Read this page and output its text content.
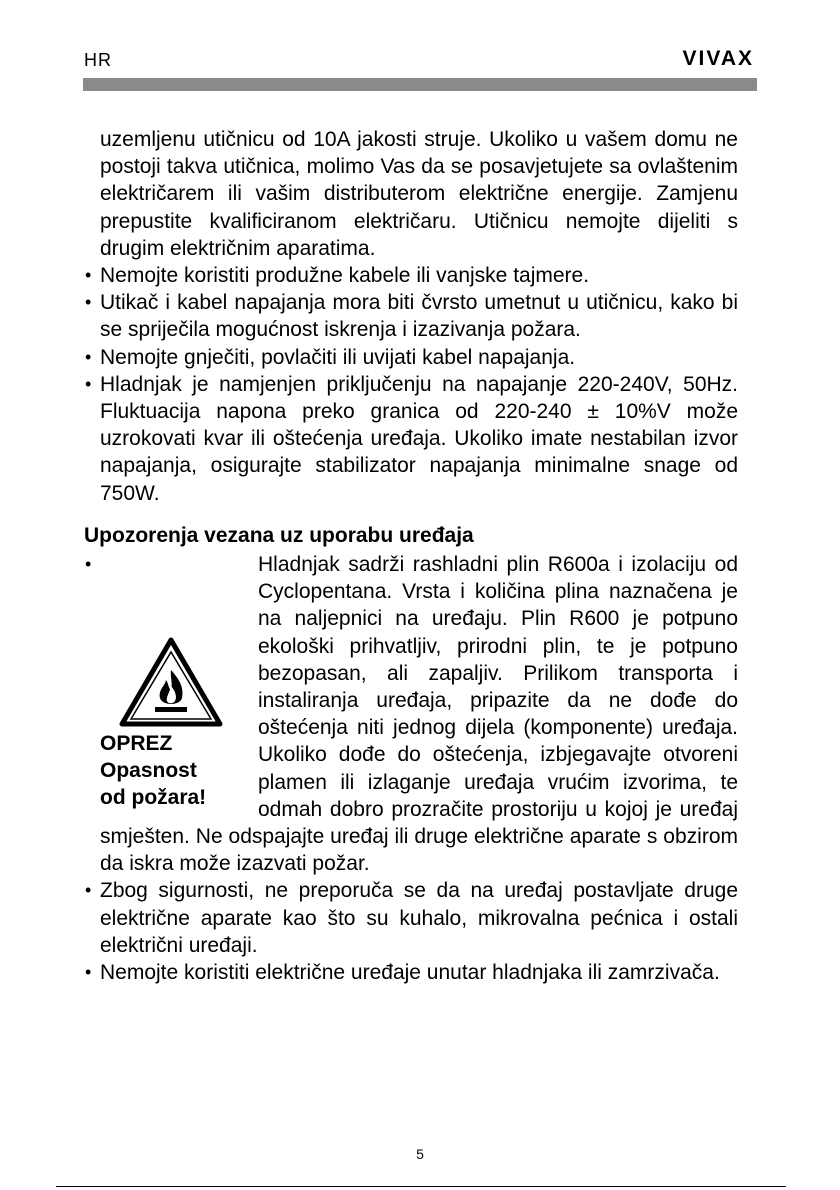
HR	VIVAX

uzemljenu utičnicu od 10A jakosti struje. Ukoliko u vašem domu ne postoji takva utičnica, molimo Vas da se posavjetujete sa ovlaštenim električarem ili vašim distributerom električne energije. Zamjenu prepustite kvalificiranom električaru. Utičnicu nemojte dijeliti s drugim električnim aparatima.

• Nemojte koristiti produžne kabele ili vanjske tajmere.

• Utikač i kabel napajanja mora biti čvrsto umetnut u utičnicu, kako bi se spriječila mogućnost iskrenja i izazivanja požara.

• Nemojte gnječiti, povlačiti ili uvijati kabel napajanja.

• Hladnjak je namjenjen priključenju na napajanje 220-240V, 50Hz. Fluktuacija napona preko granica od 220-240 ± 10%V može uzrokovati kvar ili oštećenja uređaja. Ukoliko imate nestabilan izvor napajanja, osigurajte stabilizator napajanja minimalne snage od 750W.

Upozorenja vezana uz uporabu uređaja

• OPREZ
Opasnost
od požara!
Hladnjak sadrži rashladni plin R600a i izolaciju od Cyclopentana. Vrsta i količina plina naznačena je na naljepnici na uređaju. Plin R600 je potpuno ekološki prihvatljiv, prirodni plin, te je potpuno bezopasan, ali zapaljiv. Prilikom transporta i instaliranja uređaja, pripazite da ne dođe do oštećenja niti jednog dijela (komponente) uređaja. Ukoliko dođe do oštećenja, izbjegavajte otvoreni plamen ili izlaganje uređaja vrućim izvorima, te odmah dobro prozračite prostoriju u kojoj je uređaj smješten. Ne odspajajte uređaj ili druge električne aparate s obzirom da iskra može izazvati požar.

• Zbog sigurnosti, ne preporuča se da na uređaj postavljate druge električne aparate kao što su kuhalo, mikrovalna pećnica i ostali električni uređaji.

• Nemojte koristiti električne uređaje unutar hladnjaka ili zamrzivača.

5
